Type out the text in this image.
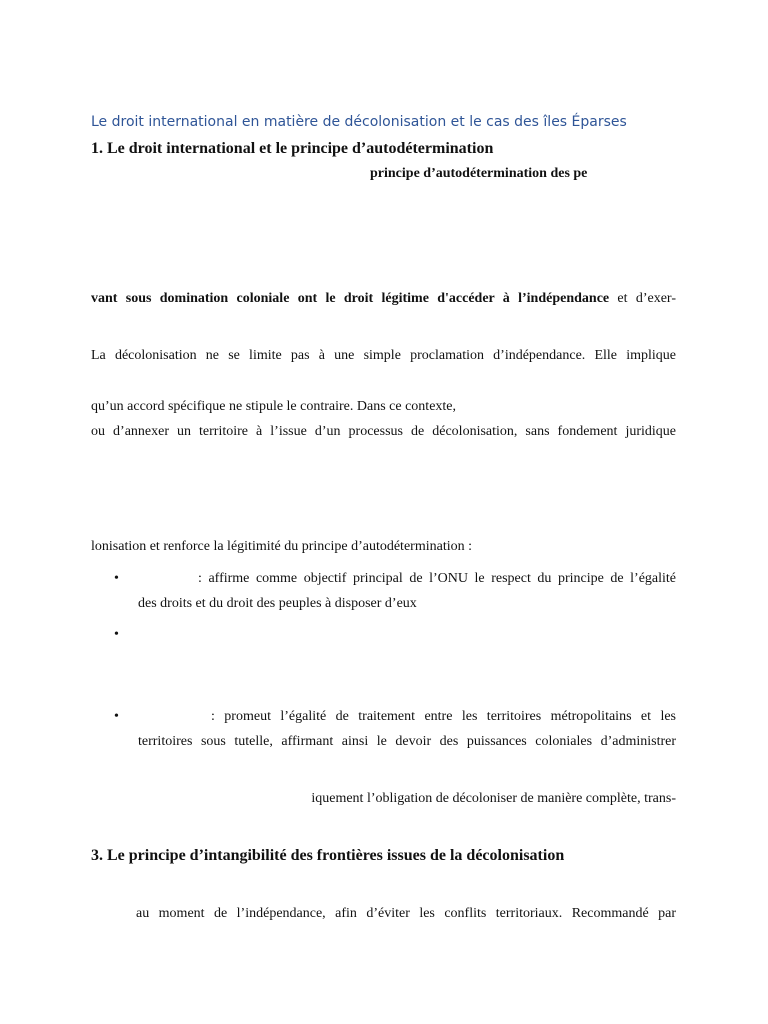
Le droit international en matière de décolonisation et le cas des îles Éparses
1. Le droit international et le principe d’autodétermination
principe d’autodétermination des pe
vant sous domination coloniale ont le droit légitime d'accéder à l’indépendance et d’exer-
La décolonisation ne se limite pas à une simple proclamation d’indépendance. Elle implique
qu’un accord spécifique ne stipule le contraire. Dans ce contexte,
ou d’annexer un territoire à l’issue d’un processus de décolonisation, sans fondement juridique
lonisation et renforce la légitimité du principe d’autodétermination :
•	: affirme comme objectif principal de l’ONU le respect du principe de l’égalité
des droits et du droit des peuples à disposer d’eux
•
•	: promeut l’égalité de traitement entre les territoires métropolitains et les
territoires sous tutelle, affirmant ainsi le devoir des puissances coloniales d’administrer
iquement l’obligation de décoloniser de manière complète, trans-
3. Le principe d’intangibilité des frontières issues de la décolonisation
au moment de l’indépendance, afin d’éviter les conflits territoriaux. Recommandé par
